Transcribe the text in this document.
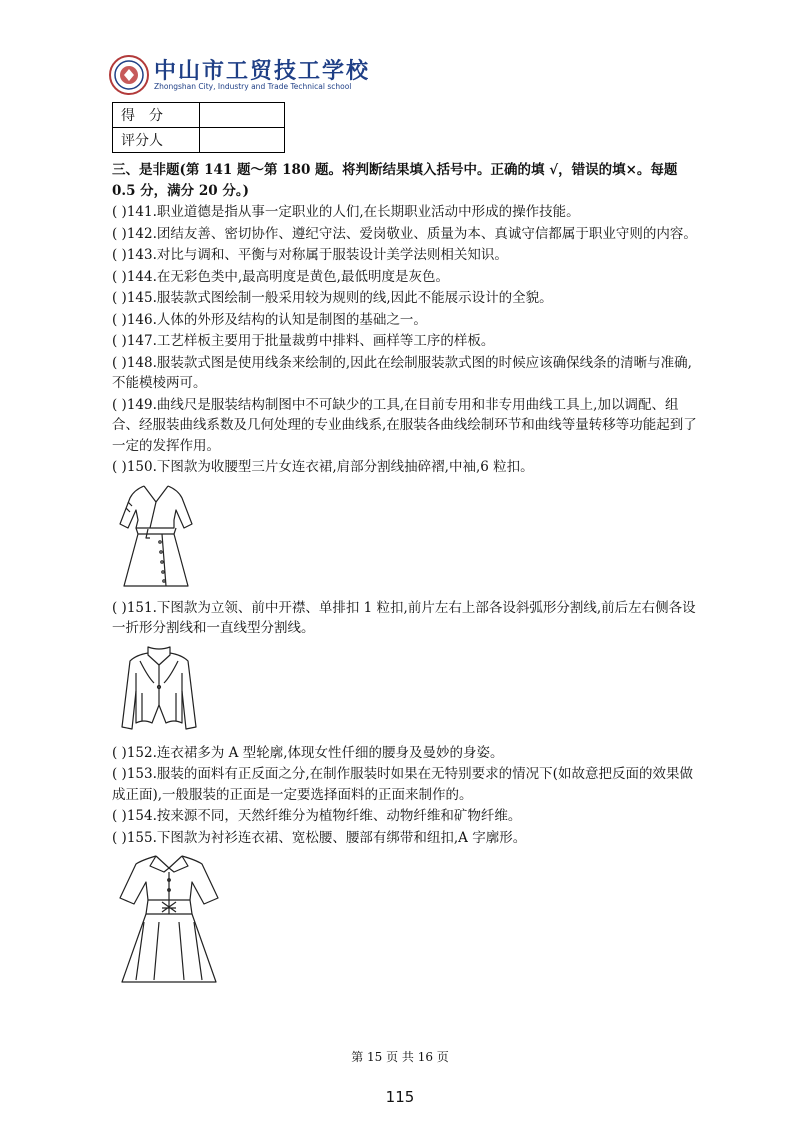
中山市工贸技工学校
Zhongshan City, Industry and Trade Technical school
得　分	
评分人	
三、是非题(第 141 题～第 180 题。将判断结果填入括号中。正确的填 √，错误的填×。每题 0.5 分，满分 20 分。)
( )141.职业道德是指从事一定职业的人们,在长期职业活动中形成的操作技能。
( )142.团结友善、密切协作、遵纪守法、爱岗敬业、质量为本、真诚守信都属于职业守则的内容。
( )143.对比与调和、平衡与对称属于服装设计美学法则相关知识。
( )144.在无彩色类中,最高明度是黄色,最低明度是灰色。
( )145.服装款式图绘制一般采用较为规则的线,因此不能展示设计的全貌。
( )146.人体的外形及结构的认知是制图的基础之一。
( )147.工艺样板主要用于批量裁剪中排料、画样等工序的样板。
( )148.服装款式图是使用线条来绘制的,因此在绘制服装款式图的时候应该确保线条的清晰与准确,不能模棱两可。
( )149.曲线尺是服装结构制图中不可缺少的工具,在目前专用和非专用曲线工具上,加以调配、组合、经服装曲线系数及几何处理的专业曲线系,在服装各曲线绘制环节和曲线等量转移等功能起到了一定的发挥作用。
( )150.下图款为收腰型三片女连衣裙,肩部分割线抽碎褶,中袖,6 粒扣。
( )151.下图款为立领、前中开襟、单排扣 1 粒扣,前片左右上部各设斜弧形分割线,前后左右侧各设一折形分割线和一直线型分割线。
( )152.连衣裙多为 A 型轮廓,体现女性仟细的腰身及曼妙的身姿。
( )153.服装的面料有正反面之分,在制作服装时如果在无特别要求的情况下(如故意把反面的效果做成正面),一般服装的正面是一定要选择面料的正面来制作的。
( )154.按来源不同，天然纤维分为植物纤维、动物纤维和矿物纤维。
( )155.下图款为衬衫连衣裙、宽松腰、腰部有绑带和纽扣,A 字廓形。
第 15 页 共 16 页
115
